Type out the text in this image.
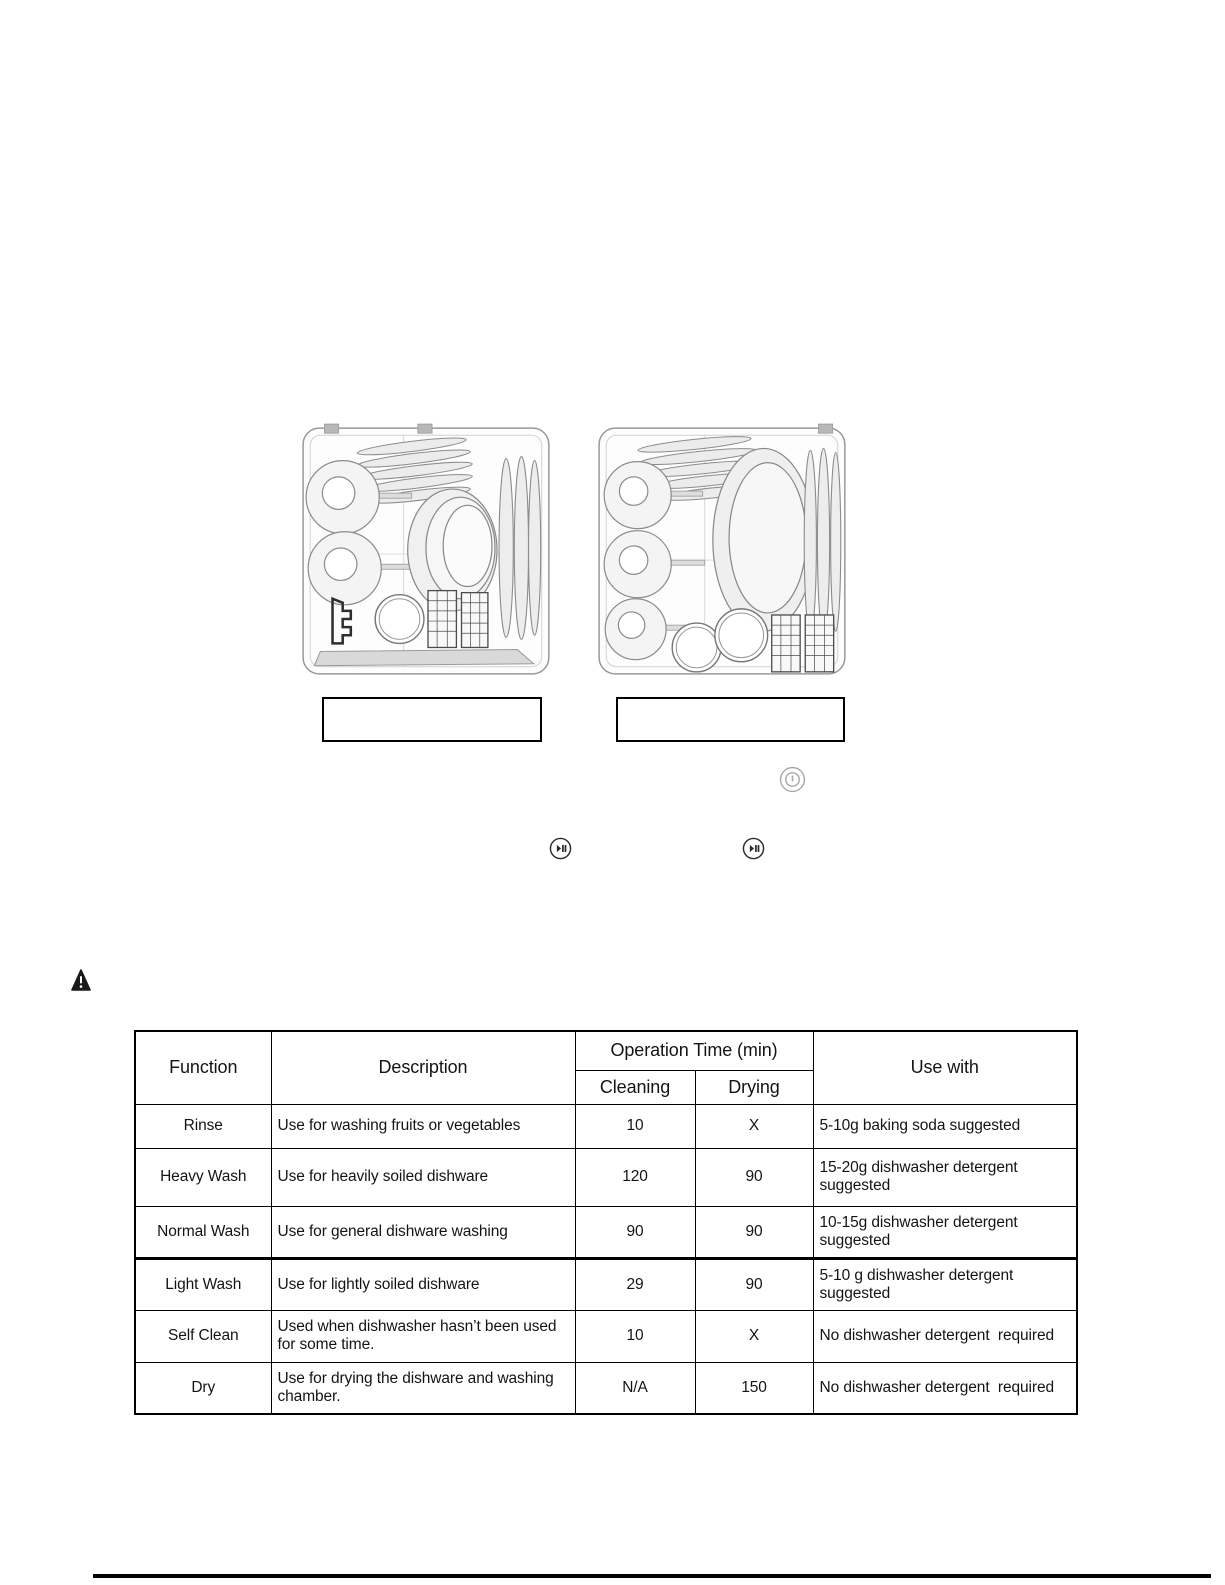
Function	Description	Operation Time (min)		Use with
		Cleaning	Drying	
Rinse	Use for washing fruits or vegetables	10	X	5-10g baking soda suggested
Heavy Wash	Use for heavily soiled dishware	120	90	15-20g dishwasher detergent suggested
Normal Wash	Use for general dishware washing	90	90	10-15g dishwasher detergent suggested
Light Wash	Use for lightly soiled dishware	29	90	5-10 g dishwasher detergent suggested
Self Clean	Used when dishwasher hasn’t been used for some time.	10	X	No dishwasher detergent  required
Dry	Use for drying the dishware and washing chamber.	N/A	150	No dishwasher detergent  required
